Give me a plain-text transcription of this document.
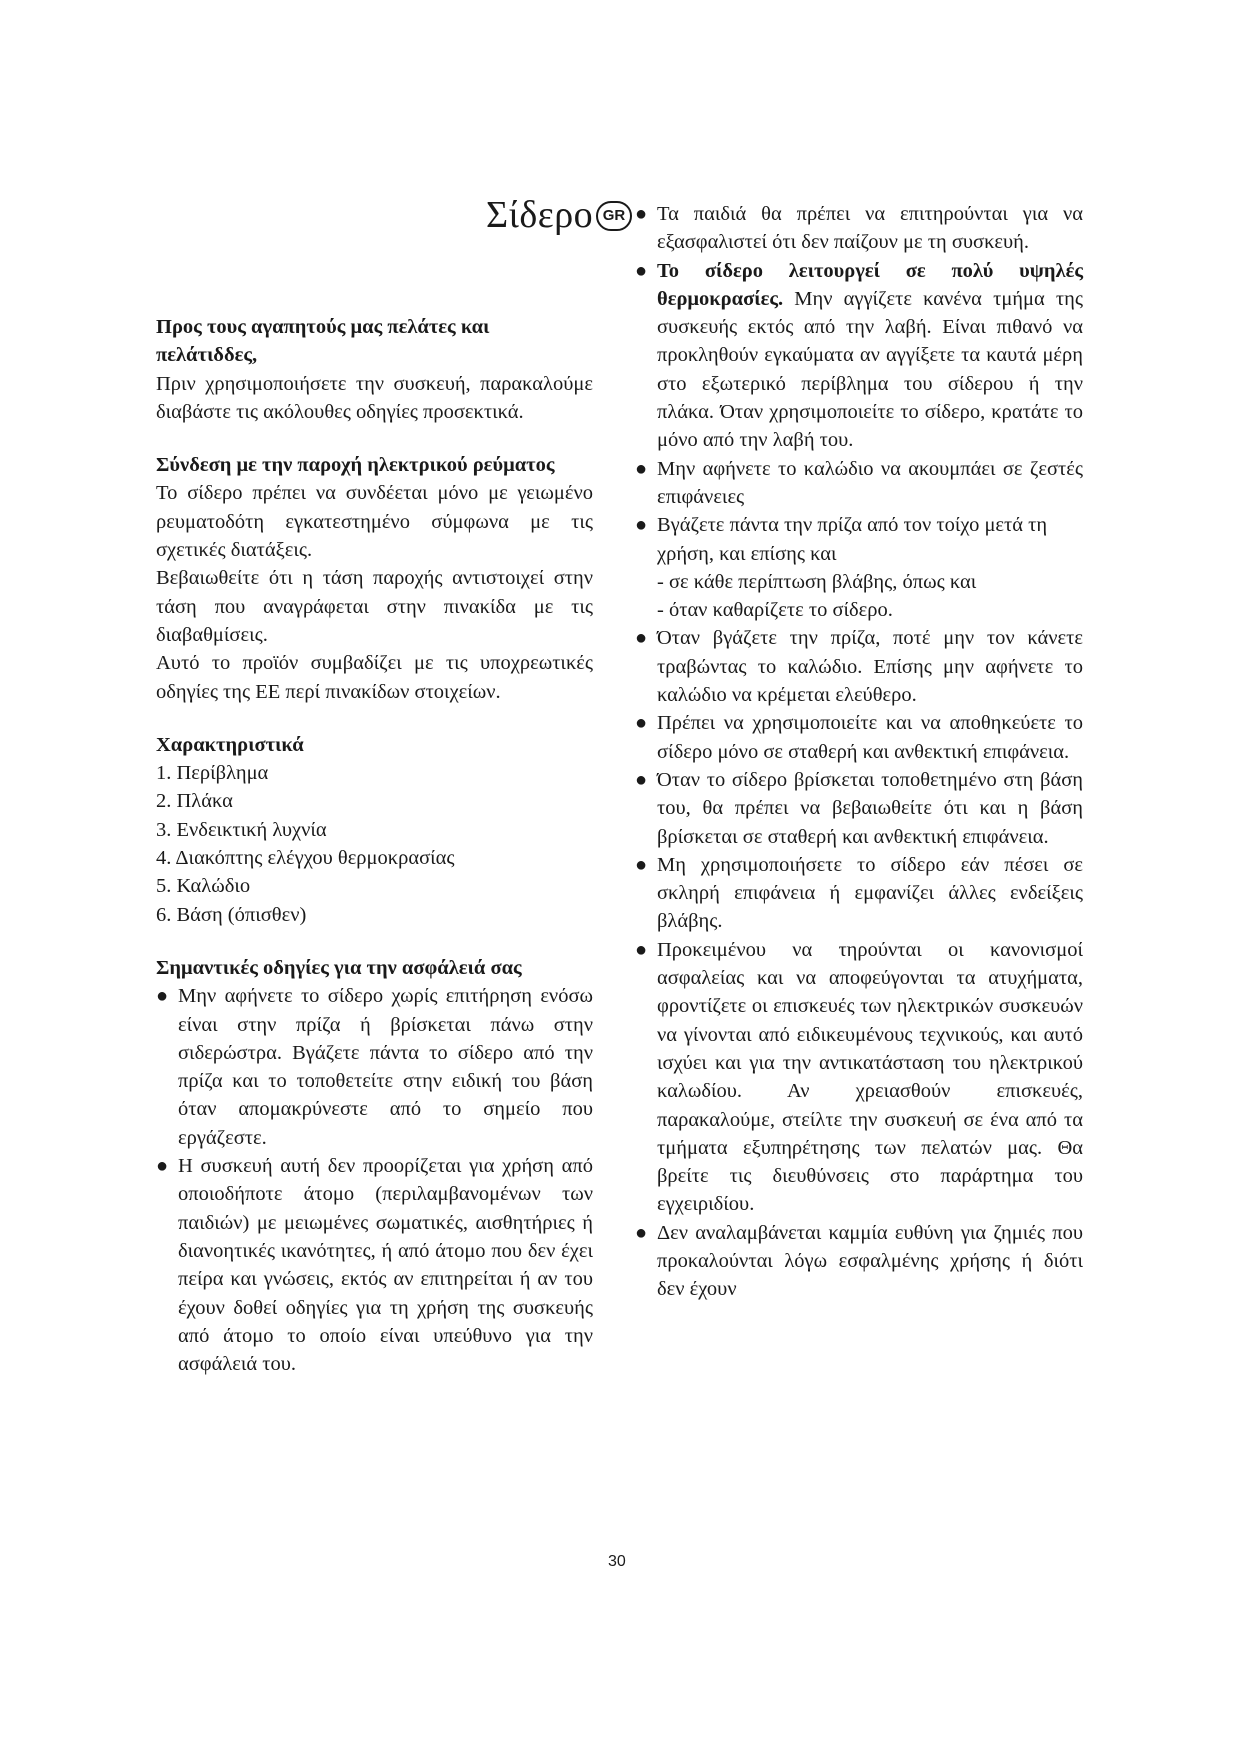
Σίδερο GR

Προς τους αγαπητούς μας πελάτες και πελάτιδδες,

Πριν χρησιμοποιήσετε την συσκευή, παρακαλούμε διαβάστε τις ακόλουθες οδηγίες προσεκτικά.

Σύνδεση με την παροχή ηλεκτρικού ρεύματος

Το σίδερο πρέπει να συνδέεται μόνο με γειωμένο ρευματοδότη εγκατεστημένο σύμφωνα με τις σχετικές διατάξεις.

Βεβαιωθείτε ότι η τάση παροχής αντιστοιχεί στην τάση που αναγράφεται στην πινακίδα με τις διαβαθμίσεις.

Αυτό το προϊόν συμβαδίζει με τις υποχρεωτικές οδηγίες της ΕΕ περί πινακίδων στοιχείων.

Χαρακτηριστικά

1. Περίβλημα
2. Πλάκα
3. Ενδεικτική λυχνία
4. Διακόπτης ελέγχου θερμοκρασίας
5. Καλώδιο
6. Βάση (όπισθεν)

Σημαντικές οδηγίες για την ασφάλειά σας

● Μην αφήνετε το σίδερο χωρίς επιτήρηση ενόσω είναι στην πρίζα ή βρίσκεται πάνω στην σιδερώστρα. Βγάζετε πάντα το σίδερο από την πρίζα και το τοποθετείτε στην ειδική του βάση όταν απομακρύνεστε από το σημείο που εργάζεστε.
● Η συσκευή αυτή δεν προορίζεται για χρήση από οποιοδήποτε άτομο (περιλαμβανομένων των παιδιών) με μειωμένες σωματικές, αισθητήριες ή διανοητικές ικανότητες, ή από άτομο που δεν έχει πείρα και γνώσεις, εκτός αν επιτηρείται ή αν του έχουν δοθεί οδηγίες για τη χρήση της συσκευής από άτομο το οποίο είναι υπεύθυνο για την ασφάλειά του.
● Τα παιδιά θα πρέπει να επιτηρούνται για να εξασφαλιστεί ότι δεν παίζουν με τη συσκευή.
● Το σίδερο λειτουργεί σε πολύ υψηλές θερμοκρασίες. Μην αγγίζετε κανένα τμήμα της συσκευής εκτός από την λαβή. Είναι πιθανό να προκληθούν εγκαύματα αν αγγίξετε τα καυτά μέρη στο εξωτερικό περίβλημα του σίδερου ή την πλάκα. Όταν χρησιμοποιείτε το σίδερο, κρατάτε το μόνο από την λαβή του.
● Μην αφήνετε το καλώδιο να ακουμπάει σε ζεστές επιφάνειες
● Βγάζετε πάντα την πρίζα από τον τοίχο μετά τη χρήση, και επίσης και

- σε κάθε περίπτωση βλάβης, όπως και

- όταν καθαρίζετε το σίδερο.

● Όταν βγάζετε την πρίζα, ποτέ μην τον κάνετε τραβώντας το καλώδιο. Επίσης μην αφήνετε το καλώδιο να κρέμεται ελεύθερο.
● Πρέπει να χρησιμοποιείτε και να αποθηκεύετε το σίδερο μόνο σε σταθερή και ανθεκτική επιφάνεια.
● Όταν το σίδερο βρίσκεται τοποθετημένο στη βάση του, θα πρέπει να βεβαιωθείτε ότι και η βάση βρίσκεται σε σταθερή και ανθεκτική επιφάνεια.
● Μη χρησιμοποιήσετε το σίδερο εάν πέσει σε σκληρή επιφάνεια ή εμφανίζει άλλες ενδείξεις βλάβης.
● Προκειμένου να τηρούνται οι κανονισμοί ασφαλείας και να αποφεύγονται τα ατυχήματα, φροντίζετε οι επισκευές των ηλεκτρικών συσκευών να γίνονται από ειδικευμένους τεχνικούς, και αυτό ισχύει και για την αντικατάσταση του ηλεκτρικού καλωδίου. Αν χρειασθούν επισκευές, παρακαλούμε, στείλτε την συσκευή σε ένα από τα τμήματα εξυπηρέτησης των πελατών μας. Θα βρείτε τις διευθύνσεις στο παράρτημα του εγχειριδίου.
● Δεν αναλαμβάνεται καμμία ευθύνη για ζημιές που προκαλούνται λόγω εσφαλμένης χρήσης ή διότι δεν έχουν
30
